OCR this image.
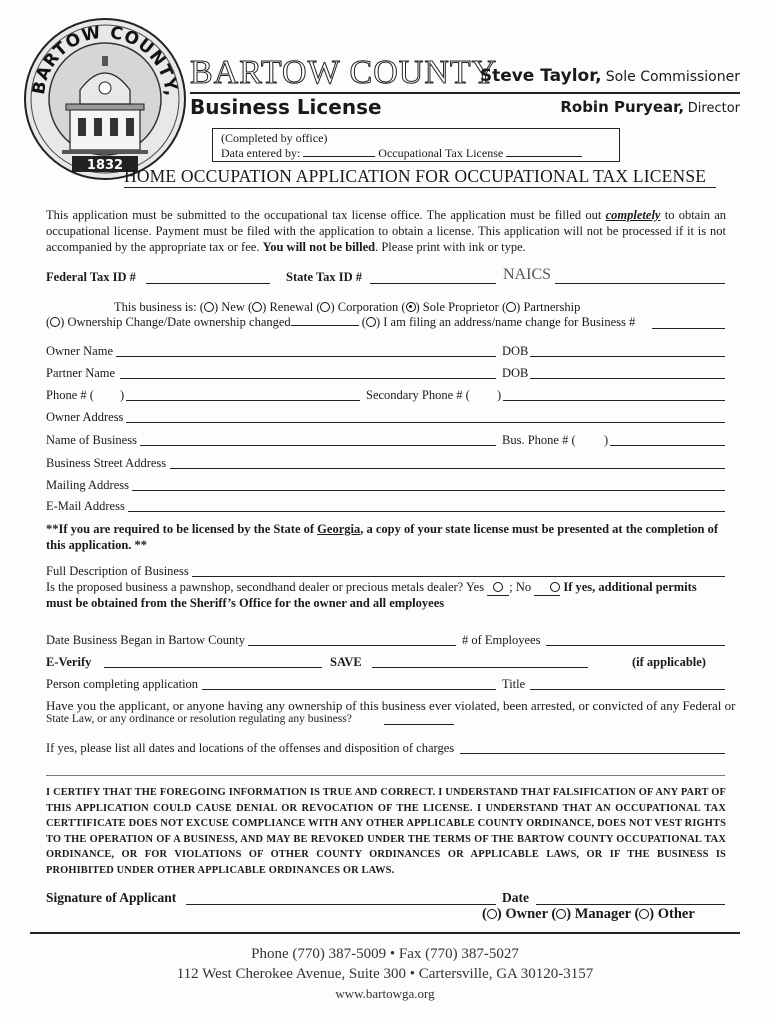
BARTOW COUNTY,
1832
BARTOW COUNTY
Business License
Steve Taylor, Sole Commissioner
Robin Puryear, Director
(Completed by office)
Data entered by:	Occupational Tax License
HOME OCCUPATION APPLICATION FOR OCCUPATIONAL TAX LICENSE
This application must be submitted to the occupational tax license office. The application must be filled out completely to obtain an occupational license. Payment must be filed with the application to obtain a license. This application will not be processed if it is not accompanied by the appropriate tax or fee. You will not be billed. Please print with ink or type.
Federal Tax ID #	State Tax ID #	NAICS
This business is: ( ) New ( ) Renewal ( ) Corporation ( ) Sole Proprietor ( ) Partnership
( ) Ownership Change/Date ownership changed	( ) I am filing an address/name change for Business #
Owner Name	DOB
Partner Name	DOB
Phone # ( )	Secondary Phone # ( )
Owner Address
Name of Business	Bus. Phone # ( )
Business Street Address
Mailing Address
E-Mail Address
**If you are required to be licensed by the State of Georgia, a copy of your state license must be presented at the completion of this application. **
Full Description of Business
Is the proposed business a pawnshop, secondhand dealer or precious metals dealer? Yes ; No	If yes, additional permits
must be obtained from the Sheriff’s Office for the owner and all employees
Date Business Began in Bartow County	# of Employees
E-Verify	SAVE	(if applicable)
Person completing application	Title
Have you the applicant, or anyone having any ownership of this business ever violated, been arrested, or convicted of any Federal or
State Law, or any ordinance or resolution regulating any business?
If yes, please list all dates and locations of the offenses and disposition of charges
I CERTIFY THAT THE FOREGOING INFORMATION IS TRUE AND CORRECT. I UNDERSTAND THAT FALSIFICATION OF ANY PART OF THIS APPLICATION COULD CAUSE DENIAL OR REVOCATION OF THE LICENSE. I UNDERSTAND THAT AN OCCUPATIONAL TAX CERTTIFICATE DOES NOT EXCUSE COMPLIANCE WITH ANY OTHER APPLICABLE COUNTY ORDINANCE, DOES NOT VEST RIGHTS TO THE OPERATION OF A BUSINESS, AND MAY BE REVOKED UNDER THE TERMS OF THE BARTOW COUNTY OCCUPATIONAL TAX ORDINANCE, OR FOR VIOLATIONS OF OTHER COUNTY ORDINANCES OR APPLICABLE LAWS, OR IF THE BUSINESS IS PROHIBITED UNDER OTHER APPLICABLE ORDINANCES OR LAWS.
Signature of Applicant	Date
( ) Owner ( ) Manager ( ) Other
Phone (770) 387-5009 • Fax (770) 387-5027
112 West Cherokee Avenue, Suite 300 • Cartersville, GA 30120-3157
www.bartowga.org
